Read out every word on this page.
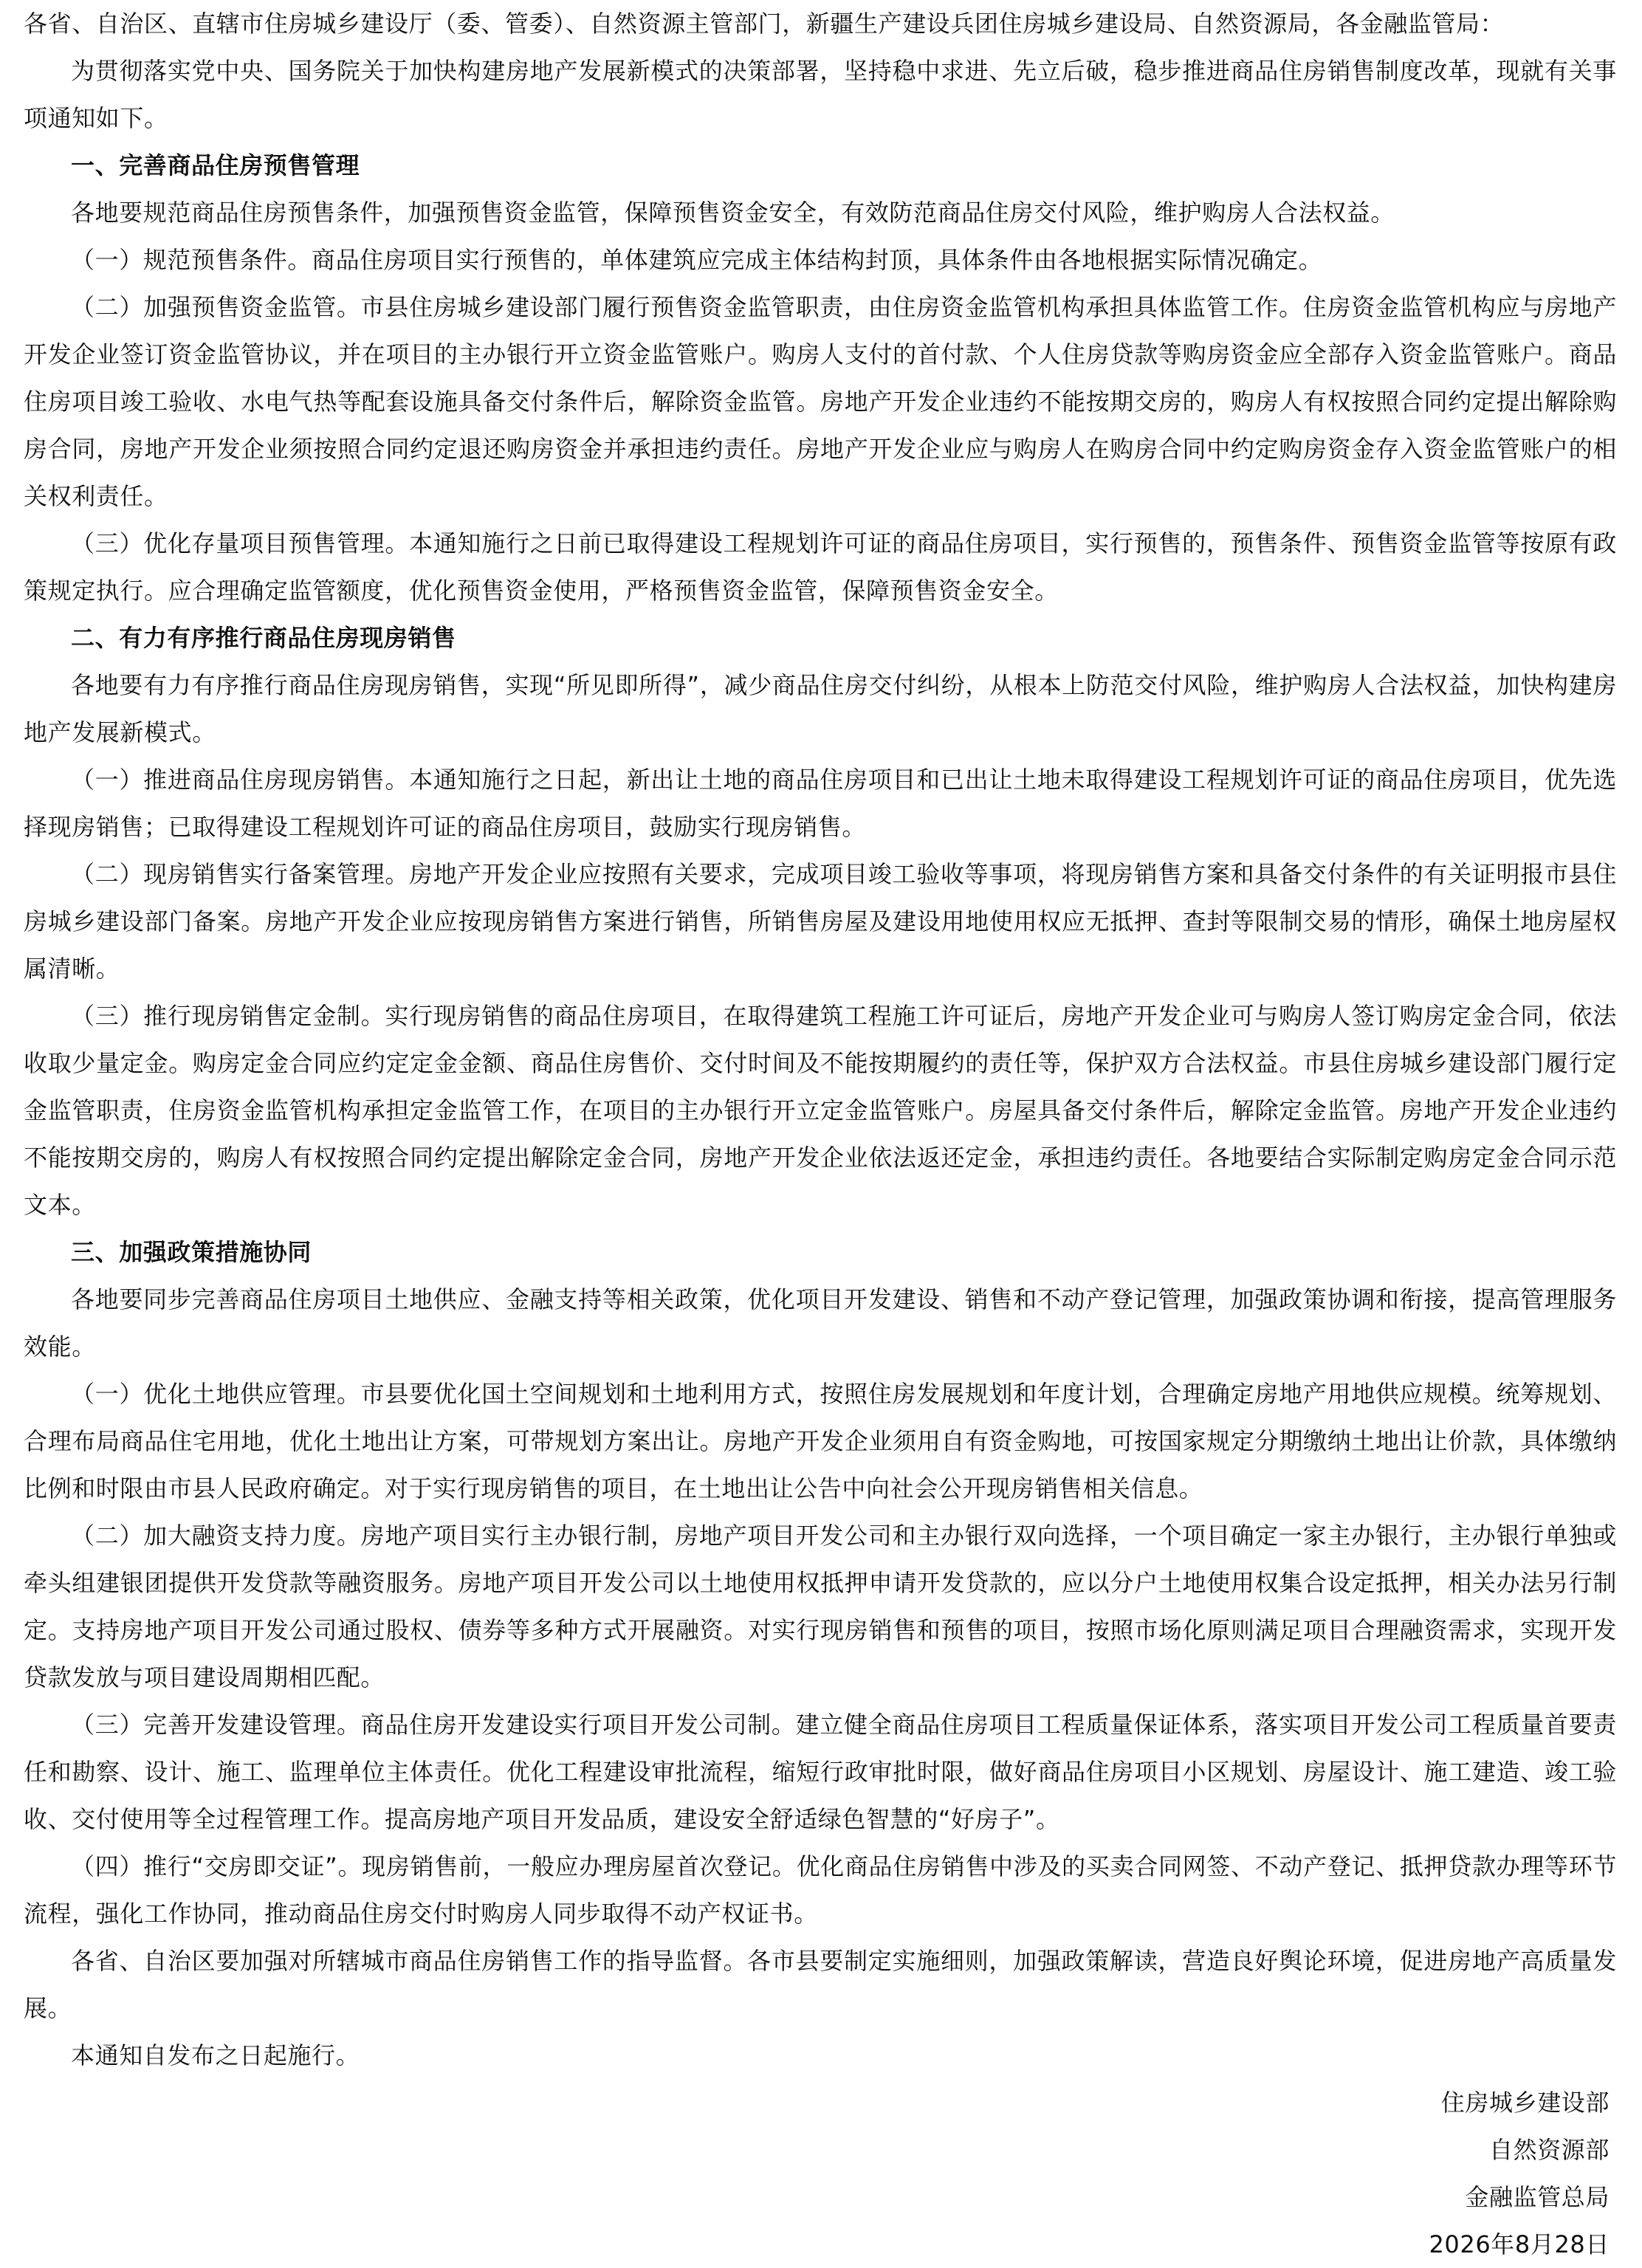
各省、自治区、直辖市住房城乡建设厅（委、管委）、自然资源主管部门，新疆生产建设兵团住房城乡建设局、自然资源局，各金融监管局：

为贯彻落实党中央、国务院关于加快构建房地产发展新模式的决策部署，坚持稳中求进、先立后破，稳步推进商品住房销售制度改革，现就有关事项通知如下。

一、完善商品住房预售管理

各地要规范商品住房预售条件，加强预售资金监管，保障预售资金安全，有效防范商品住房交付风险，维护购房人合法权益。

（一）规范预售条件。商品住房项目实行预售的，单体建筑应完成主体结构封顶，具体条件由各地根据实际情况确定。

（二）加强预售资金监管。市县住房城乡建设部门履行预售资金监管职责，由住房资金监管机构承担具体监管工作。住房资金监管机构应与房地产开发企业签订资金监管协议，并在项目的主办银行开立资金监管账户。购房人支付的首付款、个人住房贷款等购房资金应全部存入资金监管账户。商品住房项目竣工验收、水电气热等配套设施具备交付条件后，解除资金监管。房地产开发企业违约不能按期交房的，购房人有权按照合同约定提出解除购房合同，房地产开发企业须按照合同约定退还购房资金并承担违约责任。房地产开发企业应与购房人在购房合同中约定购房资金存入资金监管账户的相关权利责任。

（三）优化存量项目预售管理。本通知施行之日前已取得建设工程规划许可证的商品住房项目，实行预售的，预售条件、预售资金监管等按原有政策规定执行。应合理确定监管额度，优化预售资金使用，严格预售资金监管，保障预售资金安全。

二、有力有序推行商品住房现房销售

各地要有力有序推行商品住房现房销售，实现“所见即所得”，减少商品住房交付纠纷，从根本上防范交付风险，维护购房人合法权益，加快构建房地产发展新模式。

（一）推进商品住房现房销售。本通知施行之日起，新出让土地的商品住房项目和已出让土地未取得建设工程规划许可证的商品住房项目，优先选择现房销售；已取得建设工程规划许可证的商品住房项目，鼓励实行现房销售。

（二）现房销售实行备案管理。房地产开发企业应按照有关要求，完成项目竣工验收等事项，将现房销售方案和具备交付条件的有关证明报市县住房城乡建设部门备案。房地产开发企业应按现房销售方案进行销售，所销售房屋及建设用地使用权应无抵押、查封等限制交易的情形，确保土地房屋权属清晰。

（三）推行现房销售定金制。实行现房销售的商品住房项目，在取得建筑工程施工许可证后，房地产开发企业可与购房人签订购房定金合同，依法收取少量定金。购房定金合同应约定定金金额、商品住房售价、交付时间及不能按期履约的责任等，保护双方合法权益。市县住房城乡建设部门履行定金监管职责，住房资金监管机构承担定金监管工作，在项目的主办银行开立定金监管账户。房屋具备交付条件后，解除定金监管。房地产开发企业违约不能按期交房的，购房人有权按照合同约定提出解除定金合同，房地产开发企业依法返还定金，承担违约责任。各地要结合实际制定购房定金合同示范文本。

三、加强政策措施协同

各地要同步完善商品住房项目土地供应、金融支持等相关政策，优化项目开发建设、销售和不动产登记管理，加强政策协调和衔接，提高管理服务效能。

（一）优化土地供应管理。市县要优化国土空间规划和土地利用方式，按照住房发展规划和年度计划，合理确定房地产用地供应规模。统筹规划、合理布局商品住宅用地，优化土地出让方案，可带规划方案出让。房地产开发企业须用自有资金购地，可按国家规定分期缴纳土地出让价款，具体缴纳比例和时限由市县人民政府确定。对于实行现房销售的项目，在土地出让公告中向社会公开现房销售相关信息。

（二）加大融资支持力度。房地产项目实行主办银行制，房地产项目开发公司和主办银行双向选择，一个项目确定一家主办银行，主办银行单独或牵头组建银团提供开发贷款等融资服务。房地产项目开发公司以土地使用权抵押申请开发贷款的，应以分户土地使用权集合设定抵押，相关办法另行制定。支持房地产项目开发公司通过股权、债券等多种方式开展融资。对实行现房销售和预售的项目，按照市场化原则满足项目合理融资需求，实现开发贷款发放与项目建设周期相匹配。

（三）完善开发建设管理。商品住房开发建设实行项目开发公司制。建立健全商品住房项目工程质量保证体系，落实项目开发公司工程质量首要责任和勘察、设计、施工、监理单位主体责任。优化工程建设审批流程，缩短行政审批时限，做好商品住房项目小区规划、房屋设计、施工建造、竣工验收、交付使用等全过程管理工作。提高房地产项目开发品质，建设安全舒适绿色智慧的“好房子”。

（四）推行“交房即交证”。现房销售前，一般应办理房屋首次登记。优化商品住房销售中涉及的买卖合同网签、不动产登记、抵押贷款办理等环节流程，强化工作协同，推动商品住房交付时购房人同步取得不动产权证书。

各省、自治区要加强对所辖城市商品住房销售工作的指导监督。各市县要制定实施细则，加强政策解读，营造良好舆论环境，促进房地产高质量发展。

本通知自发布之日起施行。

住房城乡建设部

自然资源部

金融监管总局

2026年8月28日
